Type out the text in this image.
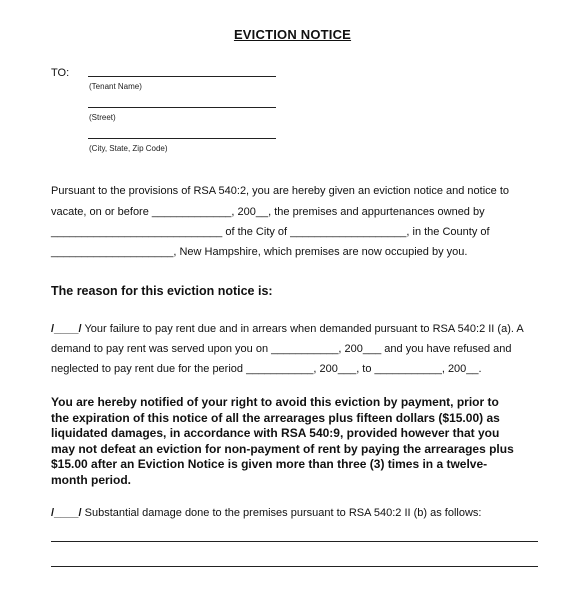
EVICTION NOTICE
TO:
(Tenant Name)
(Street)
(City, State, Zip Code)
Pursuant to the provisions of RSA 540:2, you are hereby given an eviction notice and notice to
vacate, on or before _____________, 200__, the premises and appurtenances owned by
____________________________ of the City of ___________________, in the County of
____________________, New Hampshire, which premises are now occupied by you.
The reason for this eviction notice is:
/____/ Your failure to pay rent due and in arrears when demanded pursuant to RSA 540:2 II (a). A
demand to pay rent was served upon you on ___________, 200___ and you have refused and
neglected to pay rent due for the period ___________, 200___, to ___________, 200__.
You are hereby notified of your right to avoid this eviction by payment, prior to
the expiration of this notice of all the arrearages plus fifteen dollars ($15.00) as
liquidated damages, in accordance with RSA 540:9, provided however that you
may not defeat an eviction for non-payment of rent by paying the arrearages plus
$15.00 after an Eviction Notice is given more than three (3) times in a twelve-
month period.
/____/ Substantial damage done to the premises pursuant to RSA 540:2 II (b) as follows:
